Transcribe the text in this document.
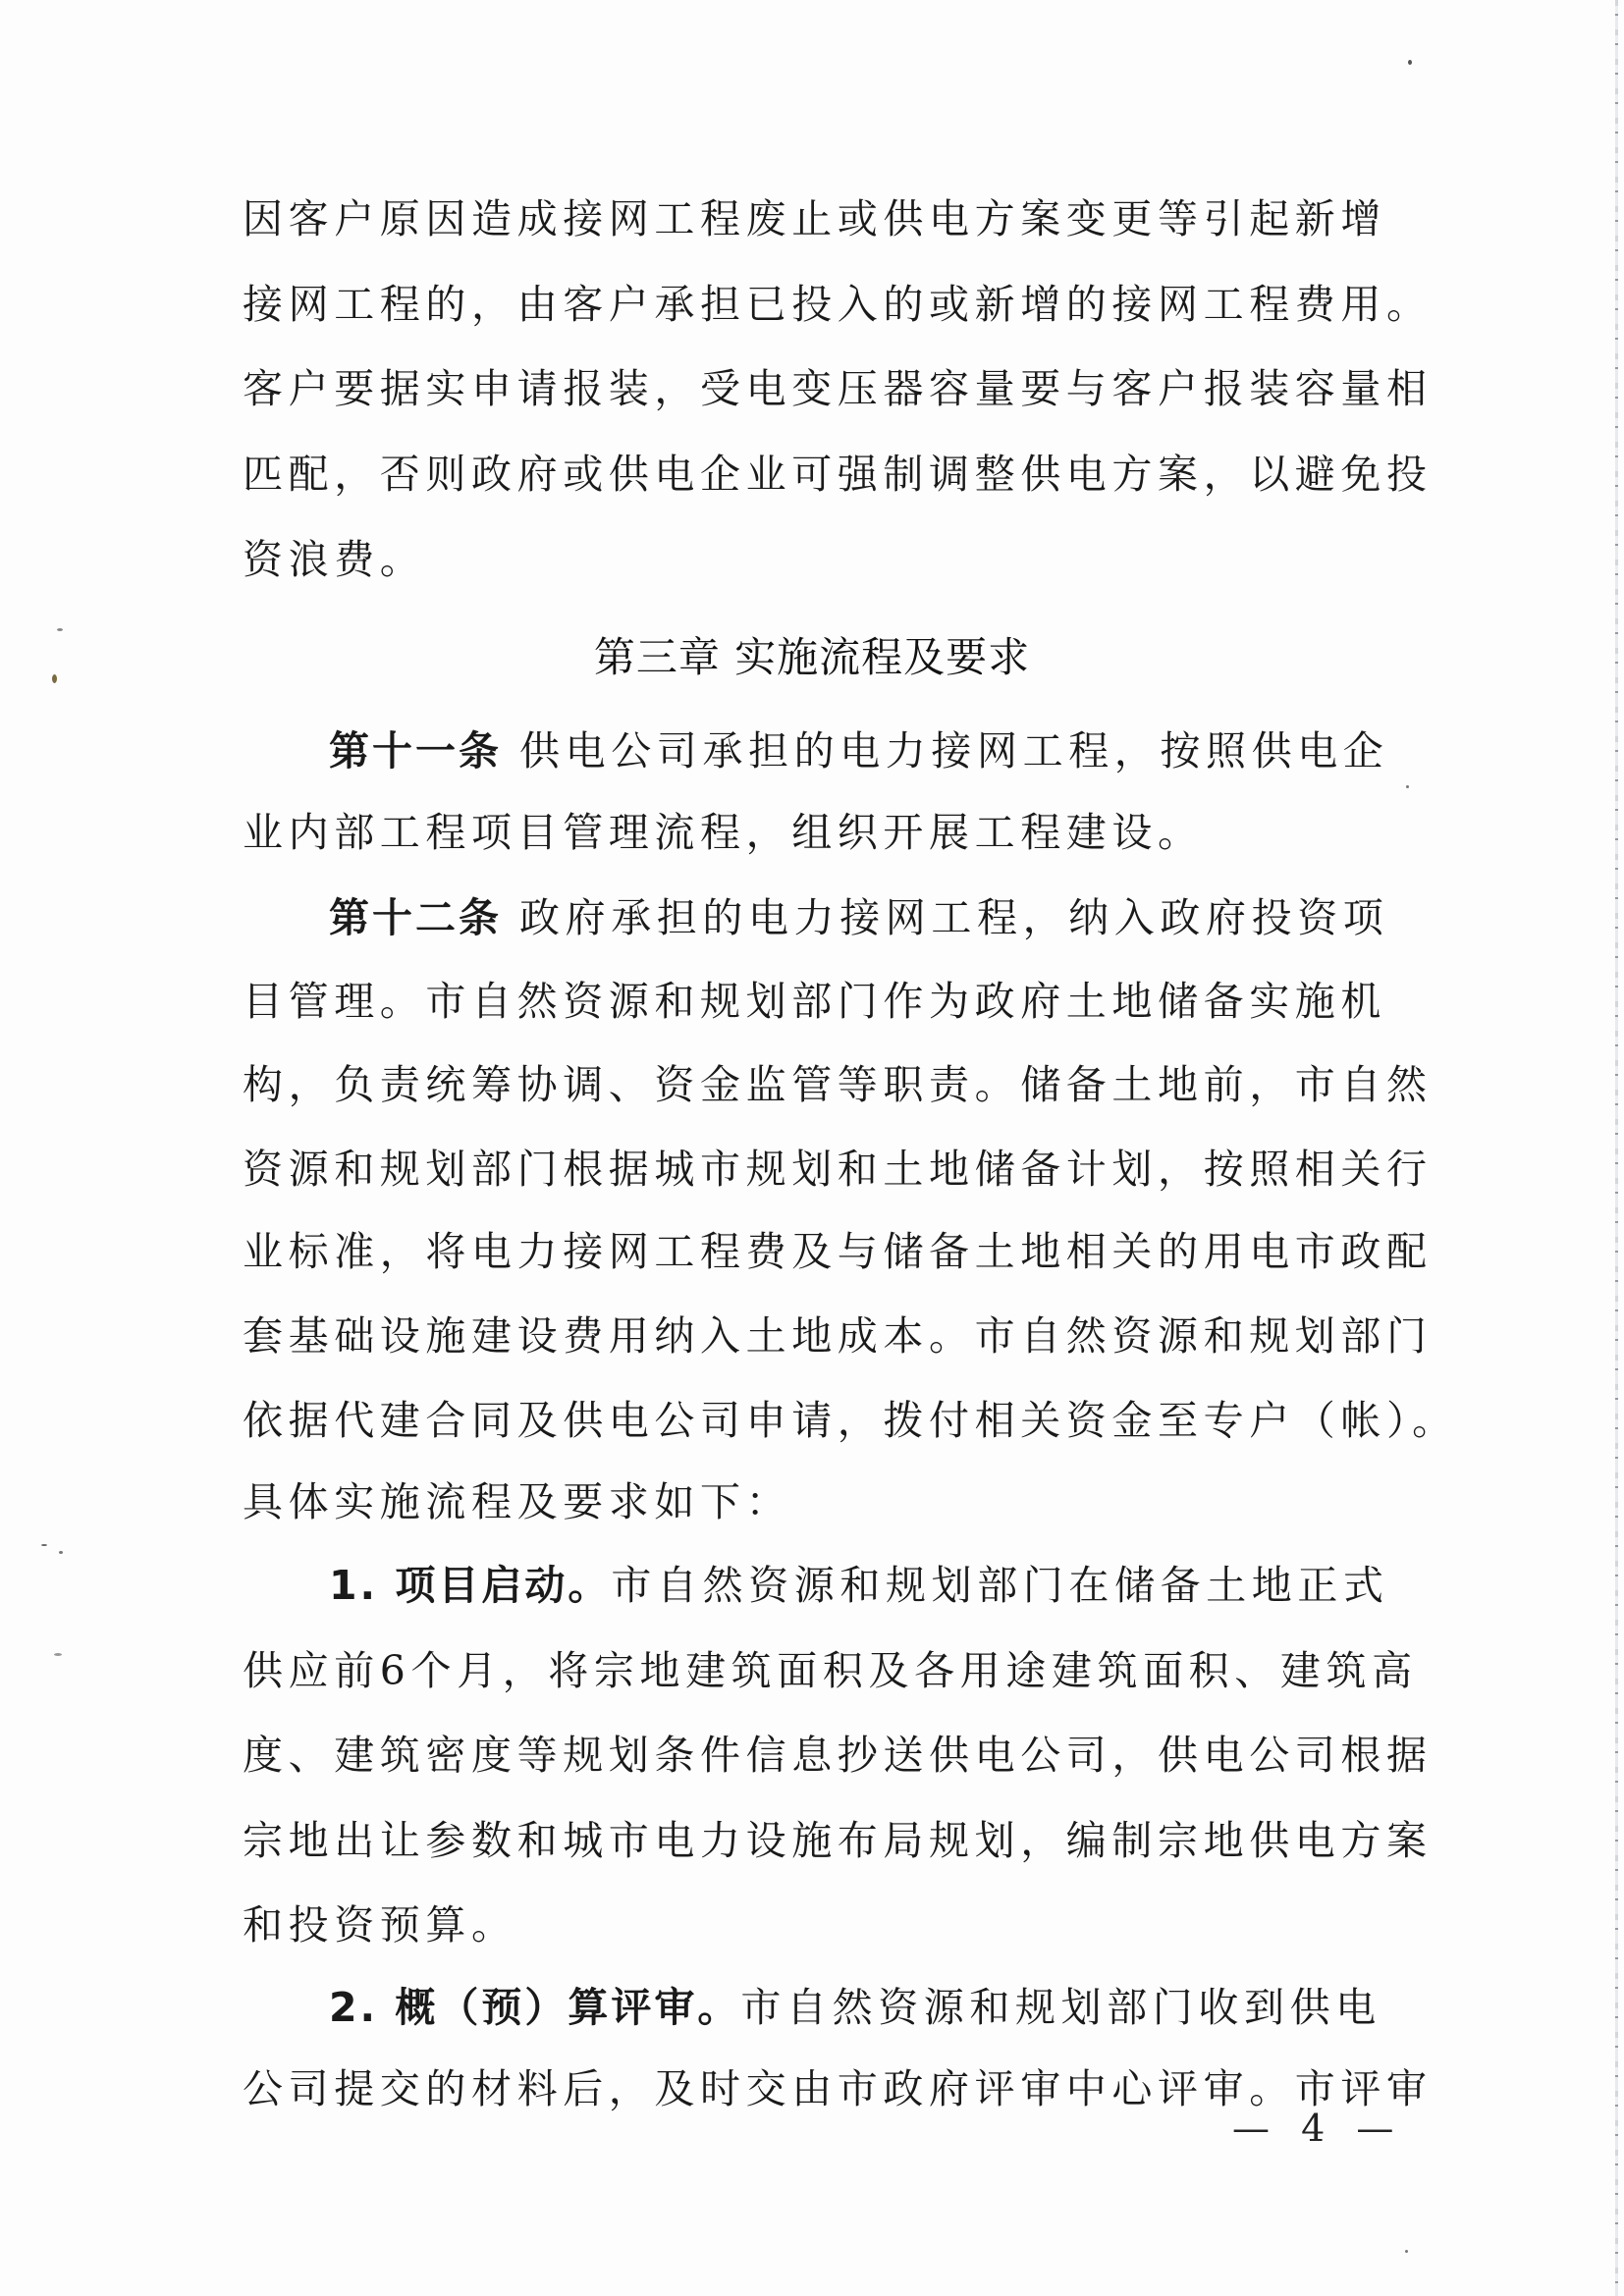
因客户原因造成接网工程废止或供电方案变更等引起新增
接网工程的，由客户承担已投入的或新增的接网工程费用。
客户要据实申请报装，受电变压器容量要与客户报装容量相
匹配，否则政府或供电企业可强制调整供电方案，以避免投
资浪费。
第十一条 供电公司承担的电力接网工程，按照供电企
业内部工程项目管理流程，组织开展工程建设。
第十二条 政府承担的电力接网工程，纳入政府投资项
目管理。市自然资源和规划部门作为政府土地储备实施机
构，负责统筹协调、资金监管等职责。储备土地前，市自然
资源和规划部门根据城市规划和土地储备计划，按照相关行
业标准，将电力接网工程费及与储备土地相关的用电市政配
套基础设施建设费用纳入土地成本。市自然资源和规划部门
依据代建合同及供电公司申请，拨付相关资金至专户（帐）。
具体实施流程及要求如下：
1. 项目启动。市自然资源和规划部门在储备土地正式
供应前6个月，将宗地建筑面积及各用途建筑面积、建筑高
度、建筑密度等规划条件信息抄送供电公司，供电公司根据
宗地出让参数和城市电力设施布局规划，编制宗地供电方案
和投资预算。
2. 概（预）算评审。市自然资源和规划部门收到供电
公司提交的材料后，及时交由市政府评审中心评审。市评审
第三章 实施流程及要求
— 4 —
